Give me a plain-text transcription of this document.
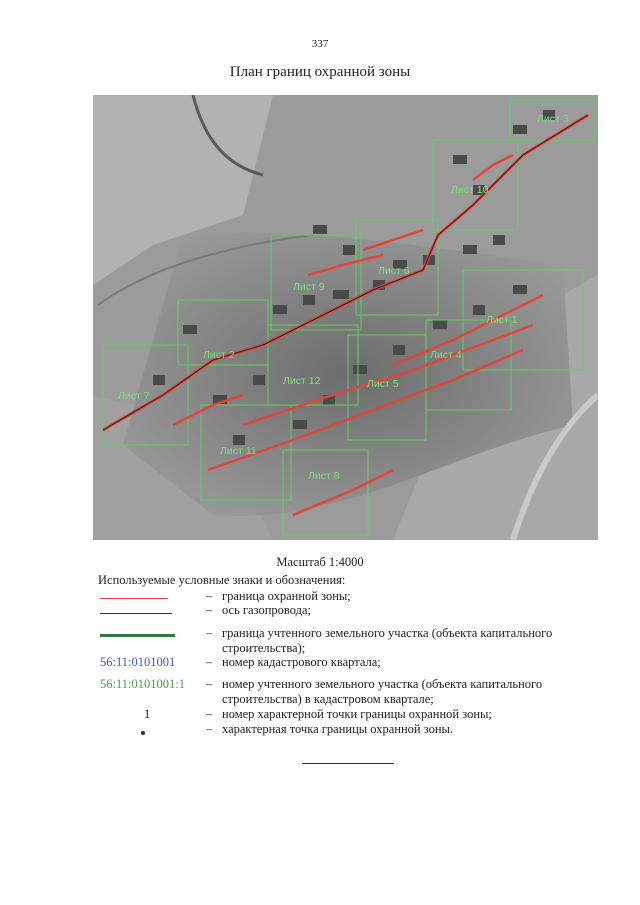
337
План границ охранной зоны
Лист 3
Лист 10
Лист 6
Лист 9
Лист 1
Лист 2	Лист 4
Лист 7
Лист 12	Лист 5
Лист 11
Лист 8
Масштаб 1:4000
Используемые условные знаки и обозначения:
– граница охранной зоны;
– ось газопровода;
– граница учтенного земельного участка (объекта капитального строительства);
56:11:0101001 – номер кадастрового квартала;
56:11:0101001:1 – номер учтенного земельного участка (объекта капитального строительства) в кадастровом квартале;
1	– номер характерной точки границы охранной зоны;
– характерная точка границы охранной зоны.
